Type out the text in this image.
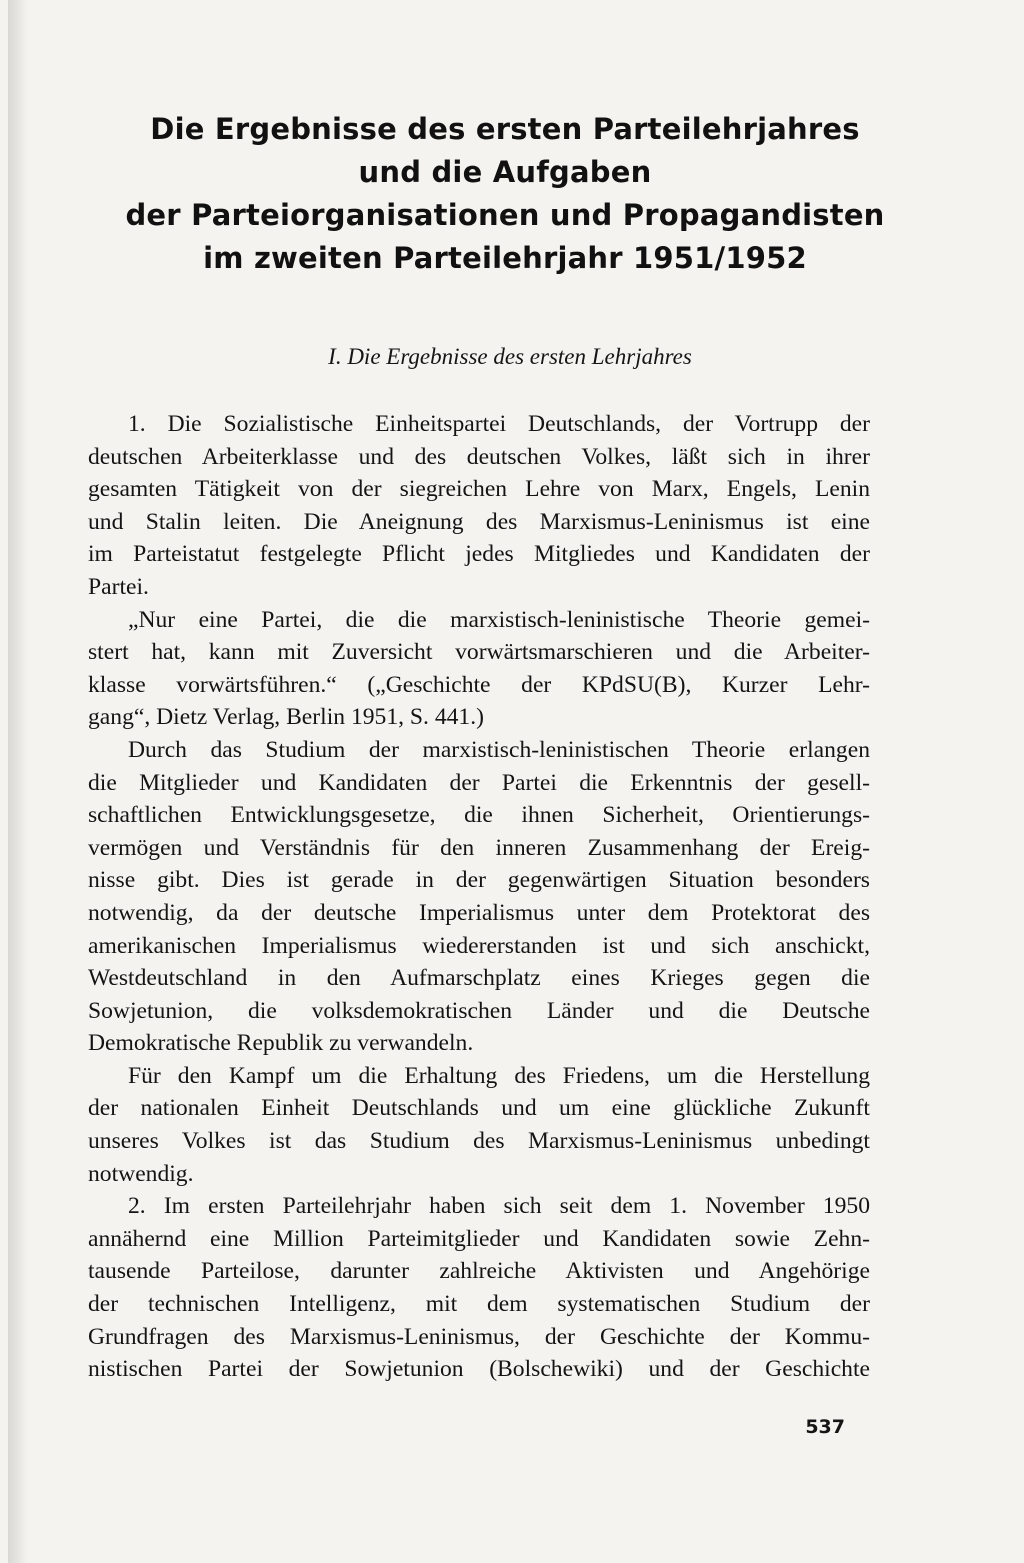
Die Ergebnisse des ersten Parteilehrjahres
und die Aufgaben
der Parteiorganisationen und Propagandisten
im zweiten Parteilehrjahr 1951/1952
I. Die Ergebnisse des ersten Lehrjahres
1. Die Sozialistische Einheitspartei Deutschlands, der Vortrupp der
deutschen Arbeiterklasse und des deutschen Volkes, läßt sich in ihrer
gesamten Tätigkeit von der siegreichen Lehre von Marx, Engels, Lenin
und Stalin leiten. Die Aneignung des Marxismus-Leninismus ist eine
im Parteistatut festgelegte Pflicht jedes Mitgliedes und Kandidaten der
Partei.
„Nur eine Partei, die die marxistisch-leninistische Theorie gemei-
stert hat, kann mit Zuversicht vorwärtsmarschieren und die Arbeiter-
klasse vorwärtsführen.“ („Geschichte der KPdSU(B), Kurzer Lehr-
gang“, Dietz Verlag, Berlin 1951, S. 441.)
Durch das Studium der marxistisch-leninistischen Theorie erlangen
die Mitglieder und Kandidaten der Partei die Erkenntnis der gesell-
schaftlichen Entwicklungsgesetze, die ihnen Sicherheit, Orientierungs-
vermögen und Verständnis für den inneren Zusammenhang der Ereig-
nisse gibt. Dies ist gerade in der gegenwärtigen Situation besonders
notwendig, da der deutsche Imperialismus unter dem Protektorat des
amerikanischen Imperialismus wiedererstanden ist und sich anschickt,
Westdeutschland in den Aufmarschplatz eines Krieges gegen die
Sowjetunion, die volksdemokratischen Länder und die Deutsche
Demokratische Republik zu verwandeln.
Für den Kampf um die Erhaltung des Friedens, um die Herstellung
der nationalen Einheit Deutschlands und um eine glückliche Zukunft
unseres Volkes ist das Studium des Marxismus-Leninismus unbedingt
notwendig.
2. Im ersten Parteilehrjahr haben sich seit dem 1. November 1950
annähernd eine Million Parteimitglieder und Kandidaten sowie Zehn-
tausende Parteilose, darunter zahlreiche Aktivisten und Angehörige
der technischen Intelligenz, mit dem systematischen Studium der
Grundfragen des Marxismus-Leninismus, der Geschichte der Kommu-
nistischen Partei der Sowjetunion (Bolschewiki) und der Geschichte
537
